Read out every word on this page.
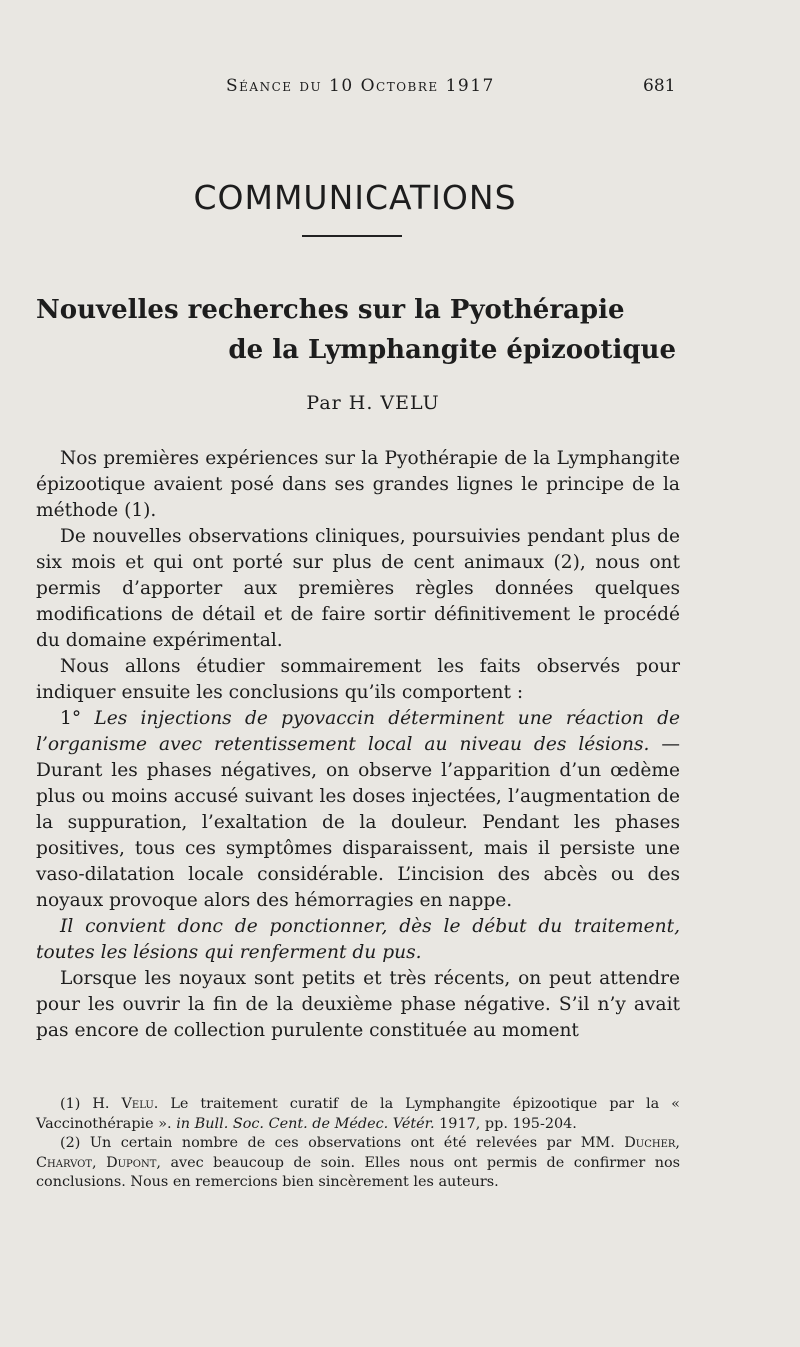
Séance du 10 Octobre 1917	681
COMMUNICATIONS
Nouvelles recherches sur la Pyothérapie
de la Lymphangite épizootique
Par H. VELU

Nos premières expériences sur la Pyothérapie de la Lymphangite épizootique avaient posé dans ses grandes lignes le principe de la méthode (1).

De nouvelles observations cliniques, poursuivies pendant plus de six mois et qui ont porté sur plus de cent animaux (2), nous ont permis d’apporter aux premières règles données quelques modifications de détail et de faire sortir définitivement le procédé du domaine expérimental.

Nous allons étudier sommairement les faits observés pour indiquer ensuite les conclusions qu’ils comportent :

1° Les injections de pyovaccin déterminent une réaction de l’organisme avec retentissement local au niveau des lésions. — Durant les phases négatives, on observe l’apparition d’un œdème plus ou moins accusé suivant les doses injectées, l’augmentation de la suppuration, l’exaltation de la douleur. Pendant les phases positives, tous ces symptômes disparaissent, mais il persiste une vaso-dilatation locale considérable. L’incision des abcès ou des noyaux provoque alors des hémorragies en nappe.

Il convient donc de ponctionner, dès le début du traitement, toutes les lésions qui renferment du pus.

Lorsque les noyaux sont petits et très récents, on peut attendre pour les ouvrir la fin de la deuxième phase négative. S’il n’y avait pas encore de collection purulente constituée au moment

(1) H. Velu. Le traitement curatif de la Lymphangite épizootique par la « Vaccinothérapie ». in Bull. Soc. Cent. de Médec. Vétér. 1917, pp. 195-204.

(2) Un certain nombre de ces observations ont été relevées par MM. Ducher, Charvot, Dupont, avec beaucoup de soin. Elles nous ont permis de confirmer nos conclusions. Nous en remercions bien sincèrement les auteurs.
